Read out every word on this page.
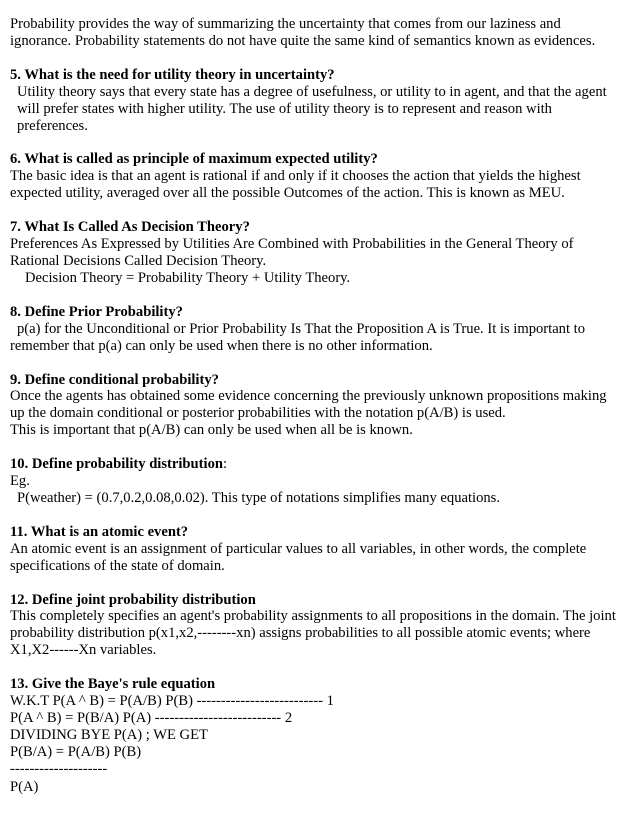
Probability provides the way of summarizing the uncertainty that comes from our laziness and ignorance. Probability statements do not have quite the same kind of semantics known as evidences.

5. What is the need for utility theory in uncertainty?

Utility theory says that every state has a degree of usefulness, or utility to in agent, and that the agent will prefer states with higher utility. The use of utility theory is to represent and reason with preferences.

6. What is called as principle of maximum expected utility?

The basic idea is that an agent is rational if and only if it chooses the action that yields the highest expected utility, averaged over all the possible Outcomes of the action. This is known as MEU.

7. What Is Called As Decision Theory?

Preferences As Expressed by Utilities Are Combined with Probabilities in the General Theory of Rational Decisions Called Decision Theory.

Decision Theory = Probability Theory + Utility Theory.

8. Define Prior Probability?

p(a) for the Unconditional or Prior Probability Is That the Proposition A is True. It is important to remember that p(a) can only be used when there is no other information.

9. Define conditional probability?

Once the agents has obtained some evidence concerning the previously unknown propositions making up the domain conditional or posterior probabilities with the notation p(A/B) is used.

This is important that p(A/B) can only be used when all be is known.

10. Define probability distribution:

Eg.

P(weather) = (0.7,0.2,0.08,0.02). This type of notations simplifies many equations.

11. What is an atomic event?

An atomic event is an assignment of particular values to all variables, in other words, the complete specifications of the state of domain.

12. Define joint probability distribution

This completely specifies an agent's probability assignments to all propositions in the domain. The joint probability distribution p(x1,x2,--------xn) assigns probabilities to all possible atomic events; where X1,X2------Xn variables.

13. Give the Baye's rule equation

W.K.T P(A ^ B) = P(A/B) P(B) -------------------------- 1

P(A ^ B) = P(B/A) P(A) -------------------------- 2

DIVIDING BYE P(A) ; WE GET

P(B/A) = P(A/B) P(B)

--------------------

P(A)
